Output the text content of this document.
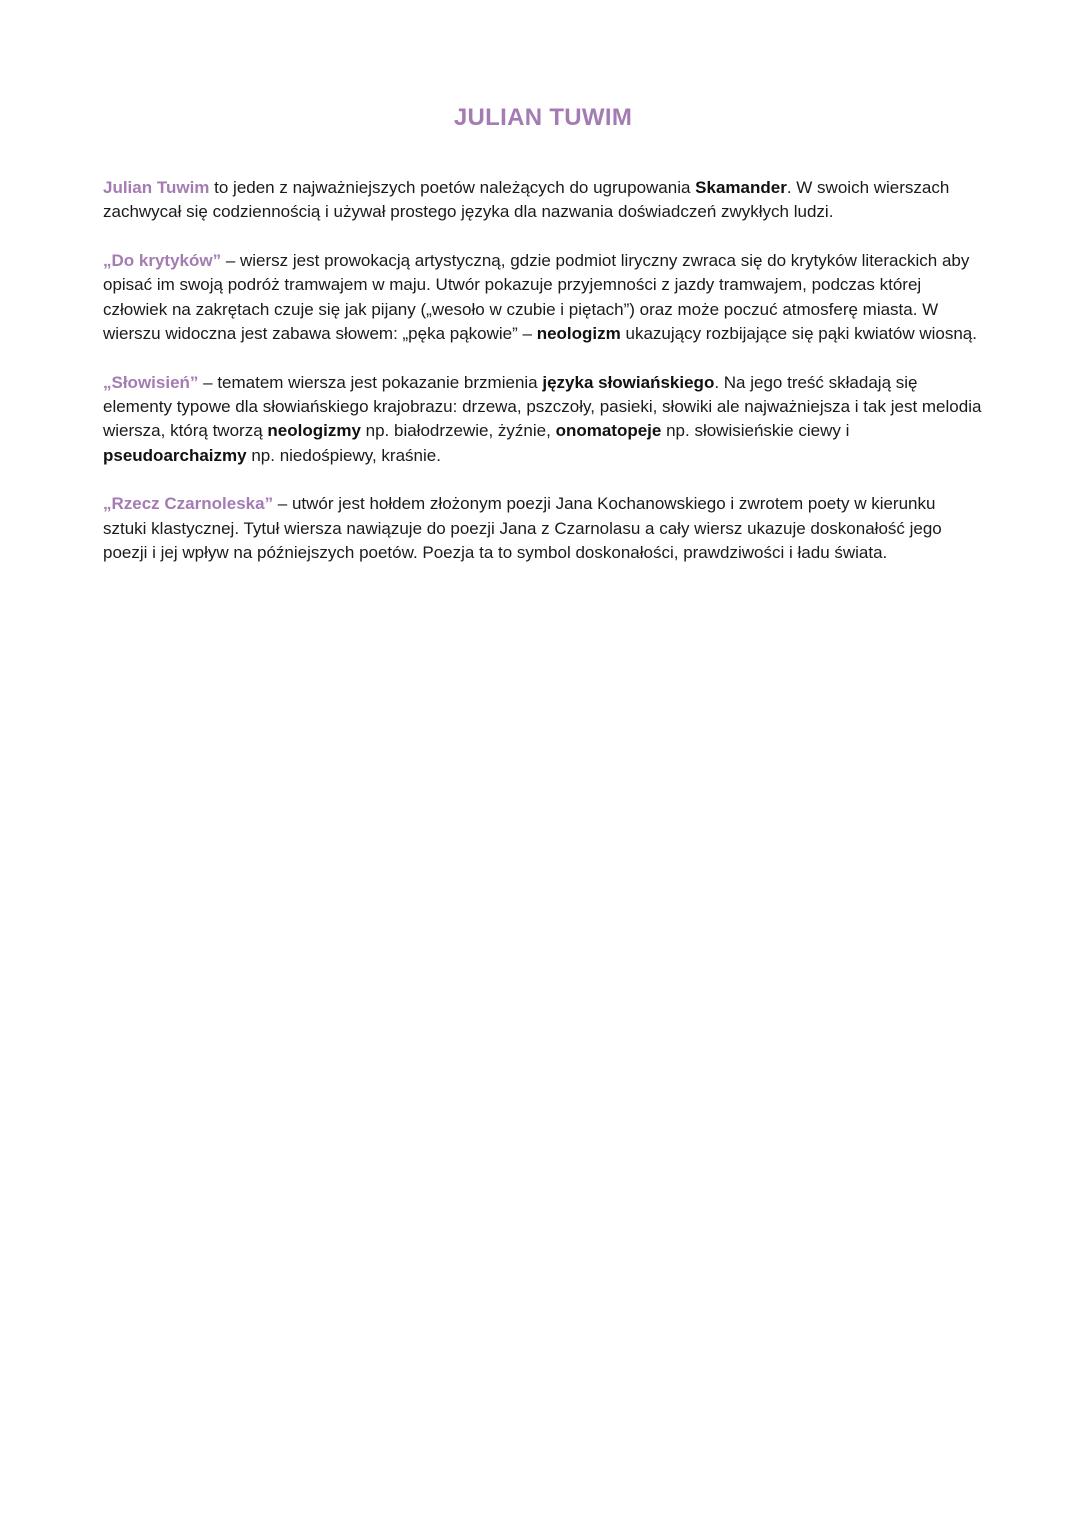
JULIAN TUWIM

Julian Tuwim to jeden z najważniejszych poetów należących do ugrupowania Skamander. W swoich wierszach zachwycał się codziennością i używał prostego języka dla nazwania doświadczeń zwykłych ludzi.

„Do krytyków” – wiersz jest prowokacją artystyczną, gdzie podmiot liryczny zwraca się do krytyków literackich aby opisać im swoją podróż tramwajem w maju. Utwór pokazuje przyjemności z jazdy tramwajem, podczas której człowiek na zakrętach czuje się jak pijany („wesoło w czubie i piętach”) oraz może poczuć atmosferę miasta. W wierszu widoczna jest zabawa słowem: „pęka pąkowie” – neologizm ukazujący rozbijające się pąki kwiatów wiosną.

„Słowisień” – tematem wiersza jest pokazanie brzmienia języka słowiańskiego. Na jego treść składają się elementy typowe dla słowiańskiego krajobrazu: drzewa, pszczoły, pasieki, słowiki ale najważniejsza i tak jest melodia wiersza, którą tworzą neologizmy np. białodrzewie, żyźnie, onomatopeje np. słowisieńskie ciewy i pseudoarchaizmy np. niedośpiewy, kraśnie.

„Rzecz Czarnoleska” – utwór jest hołdem złożonym poezji Jana Kochanowskiego i zwrotem poety w kierunku sztuki klastycznej. Tytuł wiersza nawiązuje do poezji Jana z Czarnolasu a cały wiersz ukazuje doskonałość jego poezji i jej wpływ na późniejszych poetów. Poezja ta to symbol doskonałości, prawdziwości i ładu świata.
